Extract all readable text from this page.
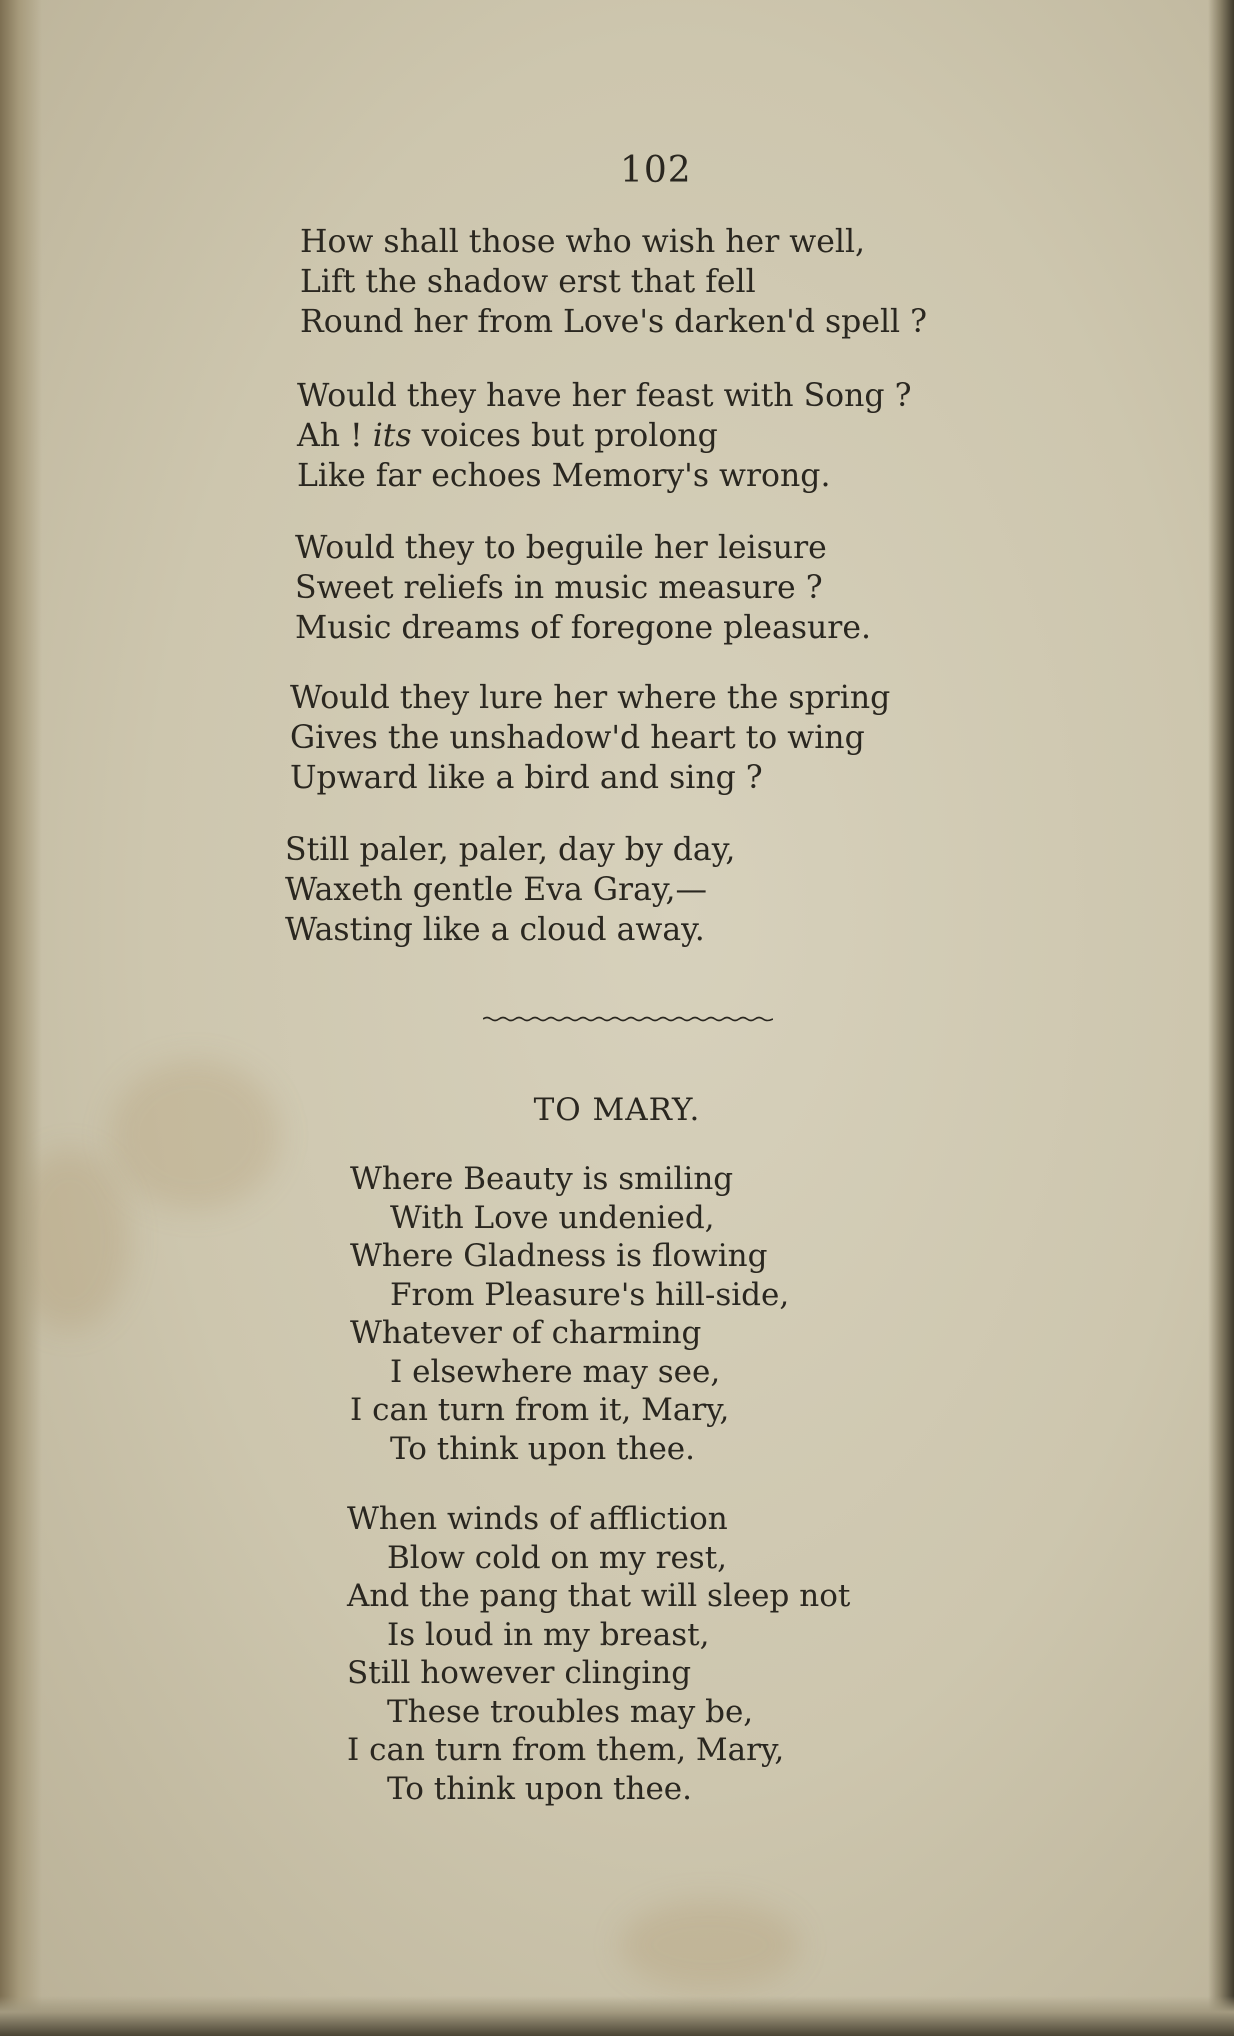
102
How shall those who wish her well,
Lift the shadow erst that fell
Round her from Love's darken'd spell ?
Would they have her feast with Song ?
Ah ! its voices but prolong
Like far echoes Memory's wrong.
Would they to beguile her leisure
Sweet reliefs in music measure ?
Music dreams of foregone pleasure.
Would they lure her where the spring
Gives the unshadow'd heart to wing
Upward like a bird and sing ?
Still paler, paler, day by day,
Waxeth gentle Eva Gray,—
Wasting like a cloud away.
TO MARY.
Where Beauty is smiling
With Love undenied,
Where Gladness is flowing
From Pleasure's hill-side,
Whatever of charming
I elsewhere may see,
I can turn from it, Mary,
To think upon thee.
When winds of affliction
Blow cold on my rest,
And the pang that will sleep not
Is loud in my breast,
Still however clinging
These troubles may be,
I can turn from them, Mary,
To think upon thee.
